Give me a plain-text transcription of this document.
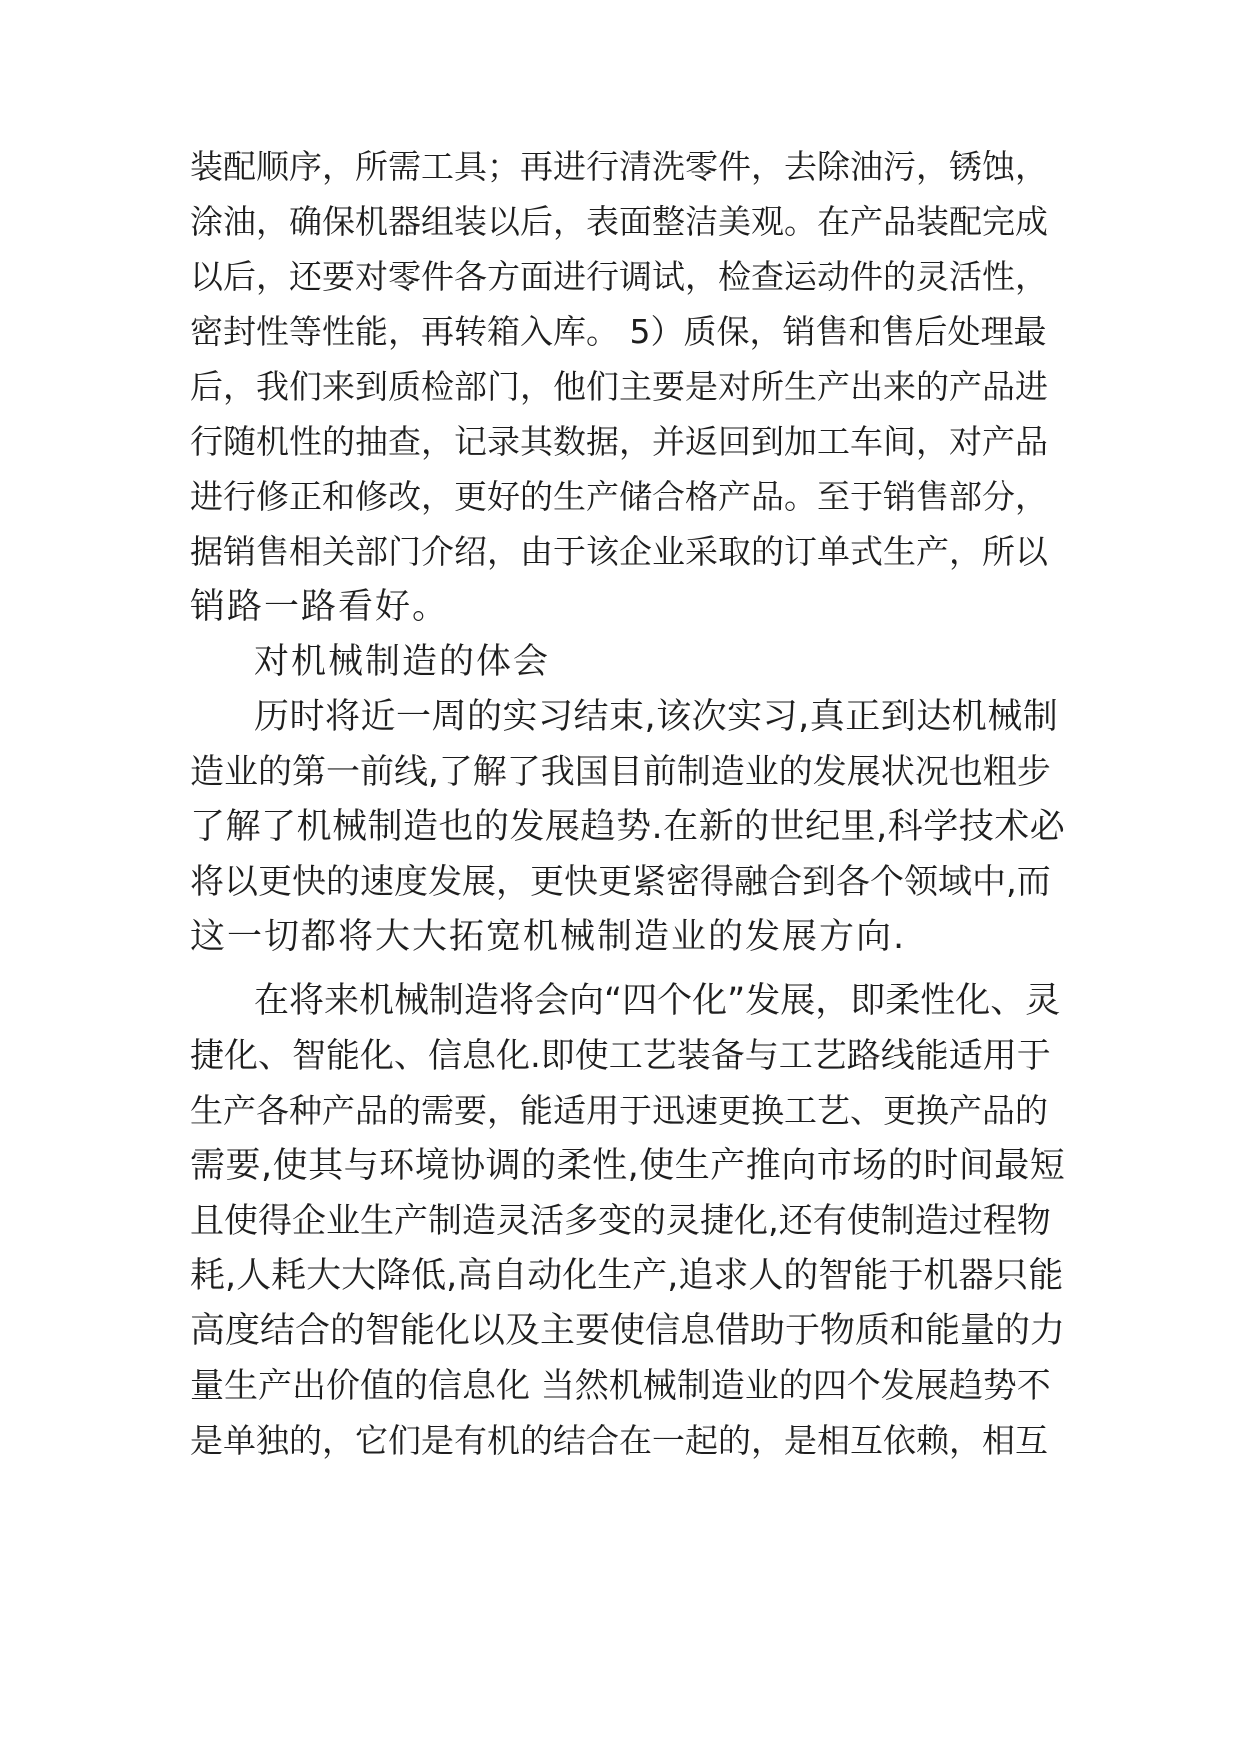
装配顺序，所需工具；再进行清洗零件，去除油污，锈蚀，
涂油，确保机器组装以后，表面整洁美观。在产品装配完成
以后，还要对零件各方面进行调试，检查运动件的灵活性，
密封性等性能，再转箱入库。 5）质保，销售和售后处理最
后，我们来到质检部门，他们主要是对所生产出来的产品进
行随机性的抽查，记录其数据，并返回到加工车间，对产品
进行修正和修改，更好的生产储合格产品。至于销售部分，
据销售相关部门介绍，由于该企业采取的订单式生产，所以
销路一路看好。
对机械制造的体会
历时将近一周的实习结束,该次实习,真正到达机械制
造业的第一前线,了解了我国目前制造业的发展状况也粗步
了解了机械制造也的发展趋势.在新的世纪里,科学技术必
将以更快的速度发展，更快更紧密得融合到各个领域中,而
这一切都将大大拓宽机械制造业的发展方向.
在将来机械制造将会向“四个化”发展，即柔性化、灵
捷化、智能化、信息化.即使工艺装备与工艺路线能适用于
生产各种产品的需要，能适用于迅速更换工艺、更换产品的
需要,使其与环境协调的柔性,使生产推向市场的时间最短
且使得企业生产制造灵活多变的灵捷化,还有使制造过程物
耗,人耗大大降低,高自动化生产,追求人的智能于机器只能
高度结合的智能化以及主要使信息借助于物质和能量的力
量生产出价值的信息化 当然机械制造业的四个发展趋势不
是单独的，它们是有机的结合在一起的，是相互依赖，相互
